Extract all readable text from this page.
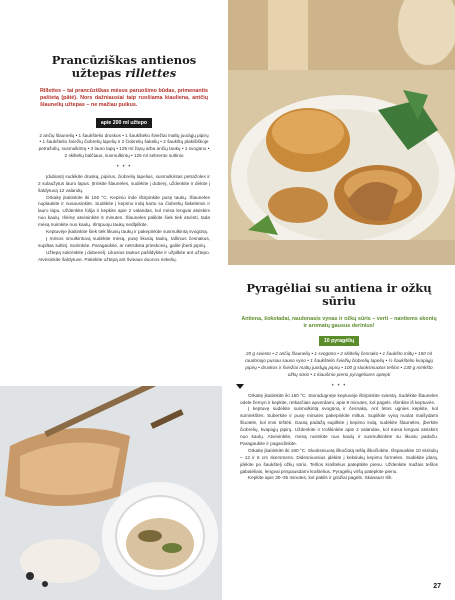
Prancūziškas antienos
užtepas rillettes
Rillettes – tai prancūziškas mėsos paruošimo būdas, primenantis paštetą (pâté). Nors dažniausiai taip ruošiama kiauliena, antčių šlaunelių užtepas – ne mažiau puikus.
apie 200 ml užtepo
2 ančių šlaunelių • 1 šaukštelio druskos • 1 šaukštelio šviežiai maltų juodųjų pipirų • 1 šaukštelio šviežių čiobrelių lapelių ir 2 čiobrelių šakelių • 2 šaukštų plakišiškoje petražolių, susmulkintų • 3 lauro lapų • 125 ml žąsų arba ančių taukų • 1 svogūno • 2 skiltelių balčiaus, susmulkintų • 125 ml sebrento sultinio
• • •

Įdubiantį sudėkite druską, pipirus, čiobrelių lapelius, susmulkintas petražoles ir 2 sulaužytus lauro lapus. Įtrinkite šlauneles, sudėkite į dubenį, uždenkite ir dėkite į šaldytuvą 12 valandų.

Orkaitę įkaitinkite iki 150 °C. Kepinio inde ištirpinkite pusę taukų. Šlauneles nuplaukite ir nusausinkite. Sudėkite į kepimo indą kartu su čiobrelių šakelėmis ir lauro lapu. Uždenkite folija ir kepkite apie 2 valandas, kol mėsa lengvai atsiskirs nuo kaulų. Išėmę atvėsinkite 6 minutes. Šlauneles palikite šiek tiek atvėsti, tada mėsą nuimkite nuo kaulų. Išrūpuoju taukų nedlpilkite.

Keptuvėje įkaitinkite šiek tiek likusių taukų ir pakepinkite susmulkintą svogūną.

Į mėsos smulkintuvą sudėkite mėsą, pusę likusių taukų, tallinius česnakus, supiltas sultinį. Sutrinkite. Paragaukite, ar netrūksta prieskonių, galite įberti pipirų.

Užtepą sukrėskite į dubenėlį. Likusius taukus pašildykite ir užpilkite ant užtepo. Atvėsinkite šaldytuve. Patiekite užtepą ant švieaus duonos riekelių.

Pyragėliai su antiena ir ožkų sūriu
Antiena, šokoladai, raudonasis vynas ir ožkų sūris – verti – nantiems skonių ir aromatų gausus derinius!
10 pyragėlių
20 g sviesto • 2 ančių šlaunelių • 1 svogūno • 2 skiltelių česnako • 1 šaukšto miltų • 150 ml raudonojo pusiau sauso vyno • 1 šaukštelio šviežių čiobrelių lapelių • ½ šaukštelio kvapiųjų pipirų • druskos ir šviežiai maltų juodųjų pipirų • 100 g sluoksniuotos tešlos • 130 g minkšto ožkų sūrio • 1 kiaušinio pieno pyragėliams aptepti
• • •

Orkaitę įkaitinkite iki 150 °C. Storadugnėje keptuvėje ištirpinkite sviestą. Sudėkite šlauneles odele žemyn ir kepkite, retkarčiais apverdami, apie 8 minutes, kol pagels. Išimkite iš keptuvės.

Į keptuvę sudėkite susmulkintą svogūną ir česnaką. Ant lėtos ugnies kepkite, kol suminkštės. Suberkite ir pusę minutės pakepinkite miltus. Supilkite vyną nuolat maišydami šluotele, kol imsi tirštėti. Gautą padažą supilkite į kepimo indą, sudėkite šlauneles, įberkite čiobrelių, kvapiųjų pipirų. Uždenkite ir troškinkite apie 2 valandas, kol mėsa lengvai atsiskirs nuo kaulų. Atvėsinkite, mėsą nuimkite nuo kaulų ir susmulkinkite su likusiu padažu. Paragaukite ir pagardinkite.

Orkaitę įkaitinkite iki 180 °C. Sluoksniuotą iškočiotą tešlą iškočiokite. Išspauskite 10 skritulių – 12 ir 6 cm skersmens. Didesniuosius įdėkite į keksiukų kepimo formeles. Sudėkite įdarą, įdėkite po šaukštelį ožkų sūrio. Tešlos kraštelius pateptkite pienu. Uždenkite mažais tešlos gabalėliais, lengvai prispausdami kraštelius. Pyragėlių viršų patepkite pienu.

Kepkite apie 30–35 minutes, kol pakils ir gražiai pagels. Skanaus! Ilih.

27
